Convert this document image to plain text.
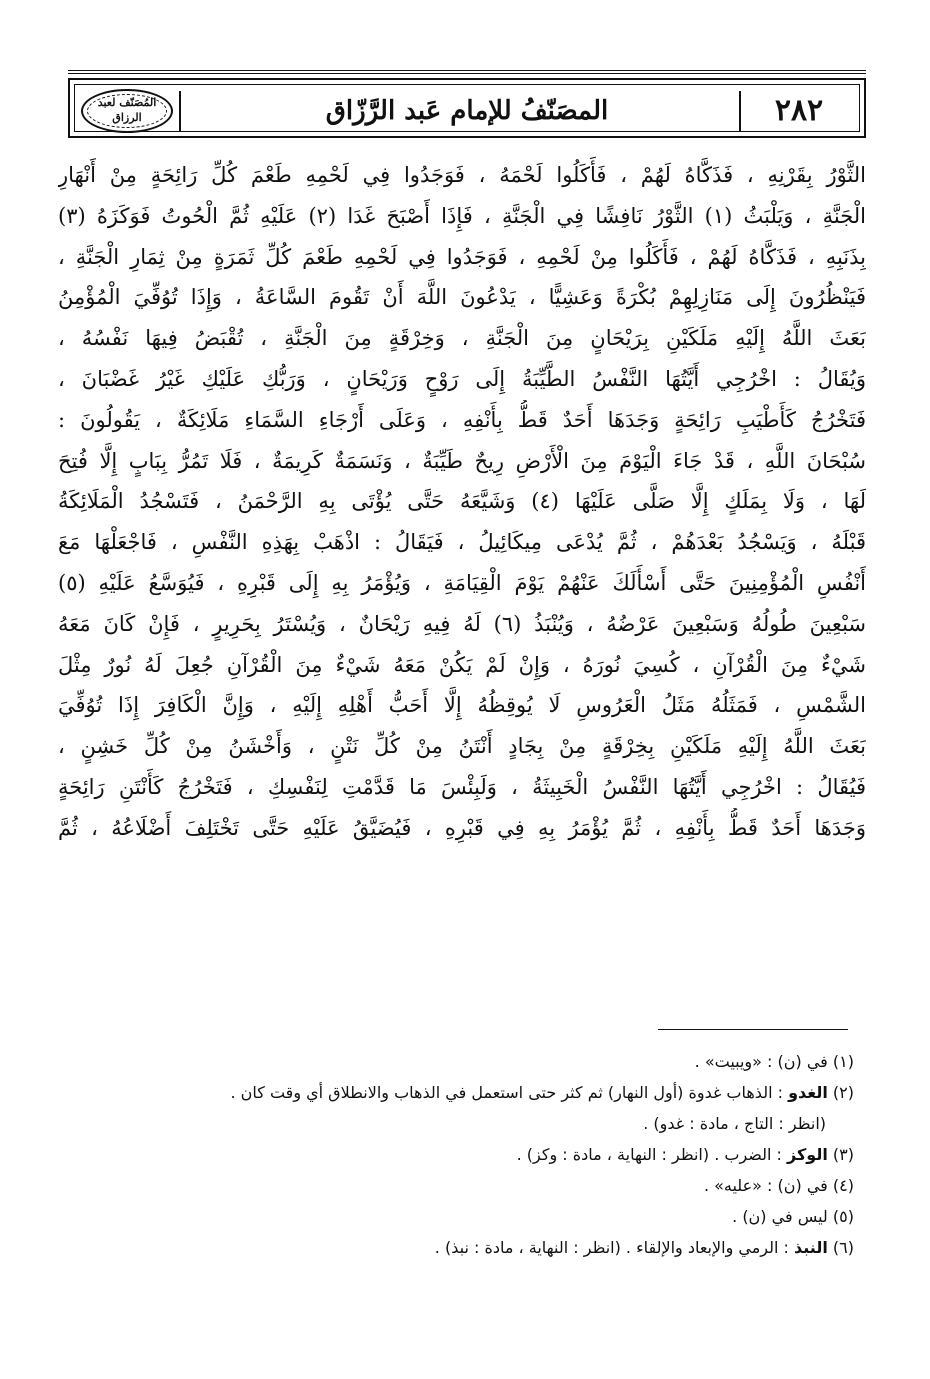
٢٨٢
المصَنّفُ للإمام عَبد الرَّزّاق
المُصَنّف لعبد الرزاق
الثَّوْرُ بِقَرْنِهِ ، فَذَكَّاهُ لَهُمْ ، فَأَكَلُوا لَحْمَهُ ، فَوَجَدُوا فِي لَحْمِهِ طَعْمَ كُلِّ رَائِحَةٍ مِنْ أَنْهَارِ
الْجَنَّةِ ، وَيَلْبَثُ (١) الثَّوْرُ نَافِشًا فِي الْجَنَّةِ ، فَإِذَا أَصْبَحَ غَدَا (٢) عَلَيْهِ ثُمَّ الْحُوتُ فَوَكَزَهُ (٣)
بِذَنَبِهِ ، فَذَكَّاهُ لَهُمْ ، فَأَكَلُوا مِنْ لَحْمِهِ ، فَوَجَدُوا فِي لَحْمِهِ طَعْمَ كُلِّ ثَمَرَةٍ مِنْ ثِمَارِ الْجَنَّةِ ،
فَيَنْظُرُونَ إِلَى مَنَازِلِهِمْ بُكْرَةً وَعَشِيًّا ، يَدْعُونَ اللَّهَ أَنْ تَقُومَ السَّاعَةُ ، وَإِذَا تُوُفِّيَ الْمُؤْمِنُ
بَعَثَ اللَّهُ إِلَيْهِ مَلَكَيْنِ بِرَيْحَانٍ مِنَ الْجَنَّةِ ، وَخِرْقَةٍ مِنَ الْجَنَّةِ ، تُقْبَضُ فِيهَا نَفْسُهُ ،
وَيُقَالُ : اخْرُجِي أَيَّتُهَا النَّفْسُ الطَّيِّبَةُ إِلَى رَوْحٍ وَرَيْحَانٍ ، وَرَبُّكِ عَلَيْكِ غَيْرُ غَضْبَانَ ،
فَتَخْرُجُ كَأَطْيَبِ رَائِحَةٍ وَجَدَهَا أَحَدٌ قَطُّ بِأَنْفِهِ ، وَعَلَى أَرْجَاءِ السَّمَاءِ مَلَائِكَةٌ ، يَقُولُونَ :
سُبْحَانَ اللَّهِ ، قَدْ جَاءَ الْيَوْمَ مِنَ الْأَرْضِ رِيحٌ طَيِّبَةٌ ، وَنَسَمَةٌ كَرِيمَةٌ ، فَلَا تَمُرُّ بِبَابٍ إِلَّا فُتِحَ
لَهَا ، وَلَا بِمَلَكٍ إِلَّا صَلَّى عَلَيْهَا (٤) وَشَيَّعَهُ حَتَّى يُؤْتَى بِهِ الرَّحْمَنُ ، فَتَسْجُدُ الْمَلَائِكَةُ
قَبْلَهُ ، وَيَسْجُدُ بَعْدَهُمْ ، ثُمَّ يُدْعَى مِيكَائِيلُ ، فَيَقَالُ : اذْهَبْ بِهَذِهِ النَّفْسِ ، فَاجْعَلْهَا مَعَ
أَنْفُسِ الْمُؤْمِنِينَ حَتَّى أَسْأَلَكَ عَنْهُمْ يَوْمَ الْقِيَامَةِ ، وَيُؤْمَرُ بِهِ إِلَى قَبْرِهِ ، فَيُوَسَّعُ عَلَيْهِ (٥)
سَبْعِينَ طُولُهُ وَسَبْعِينَ عَرْضُهُ ، وَيُنْبَذُ (٦) لَهُ فِيهِ رَيْحَانٌ ، وَيُسْتَرُ بِحَرِيرٍ ، فَإِنْ كَانَ مَعَهُ
شَيْءٌ مِنَ الْقُرْآنِ ، كُسِيَ نُورَهُ ، وَإِنْ لَمْ يَكُنْ مَعَهُ شَيْءٌ مِنَ الْقُرْآنِ جُعِلَ لَهُ نُورٌ مِثْلَ
الشَّمْسِ ، فَمَثَلُهُ مَثَلُ الْعَرُوسِ لَا يُوقِظُهُ إِلَّا أَحَبُّ أَهْلِهِ إِلَيْهِ ، وَإِنَّ الْكَافِرَ إِذَا تُوُفِّيَ
بَعَثَ اللَّهُ إِلَيْهِ مَلَكَيْنِ بِخِرْقَةٍ مِنْ بِجَادٍ أَنْتَنُ مِنْ كُلِّ نَتْنٍ ، وَأَخْشَنُ مِنْ كُلِّ خَشِنٍ ،
فَيُقَالُ : اخْرُجِي أَيَّتُهَا النَّفْسُ الْخَبِيثَةُ ، وَلَبِئْسَ مَا قَدَّمْتِ لِنَفْسِكِ ، فَتَخْرُجُ كَأَنْتَنِ رَائِحَةٍ
وَجَدَهَا أَحَدٌ قَطُّ بِأَنْفِهِ ، ثُمَّ يُؤْمَرُ بِهِ فِي قَبْرِهِ ، فَيُضَيَّقُ عَلَيْهِ حَتَّى تَخْتَلِفَ أَضْلَاعُهُ ، ثُمَّ
(١) في (ن) : «ويبيت» .
(٢) الغدو : الذهاب غدوة (أول النهار) ثم كثر حتى استعمل في الذهاب والانطلاق أي وقت كان .
(انظر : التاج ، مادة : غدو) .
(٣) الوكز : الضرب . (انظر : النهاية ، مادة : وكز) .
(٤) في (ن) : «عليه» .
(٥) ليس في (ن) .
(٦) النبذ : الرمي والإبعاد والإلقاء . (انظر : النهاية ، مادة : نبذ) .
